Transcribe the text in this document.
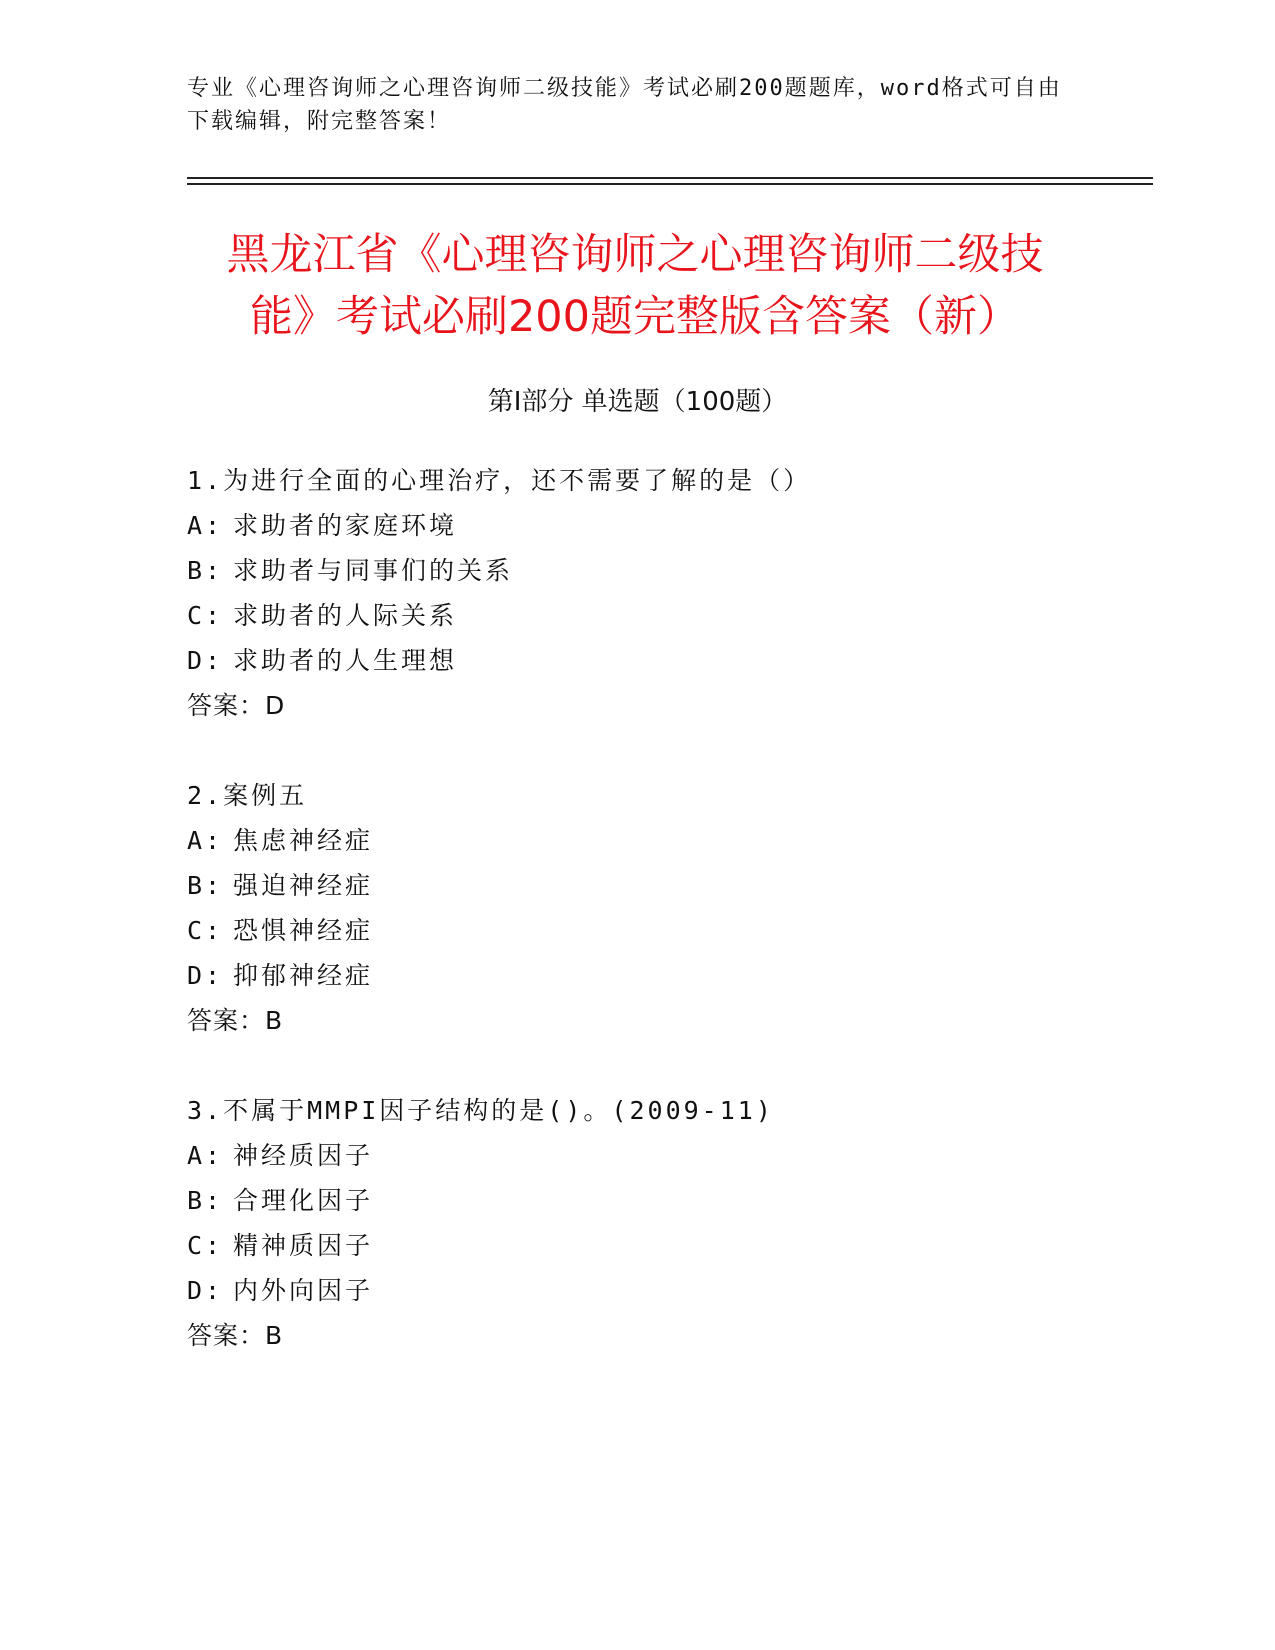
专业《心理咨询师之心理咨询师二级技能》考试必刷200题题库，word格式可自由下载编辑，附完整答案！
黑龙江省《心理咨询师之心理咨询师二级技能》考试必刷200题完整版含答案（新）
第Ⅰ部分 单选题（100题）
1.为进行全面的心理治疗，还不需要了解的是（）
A: 求助者的家庭环境
B: 求助者与同事们的关系
C: 求助者的人际关系
D: 求助者的人生理想
答案：D
2.案例五
A: 焦虑神经症
B: 强迫神经症
C: 恐惧神经症
D: 抑郁神经症
答案：B
3.不属于MMPI因子结构的是()。(2009-11)
A: 神经质因子
B: 合理化因子
C: 精神质因子
D: 内外向因子
答案：B
